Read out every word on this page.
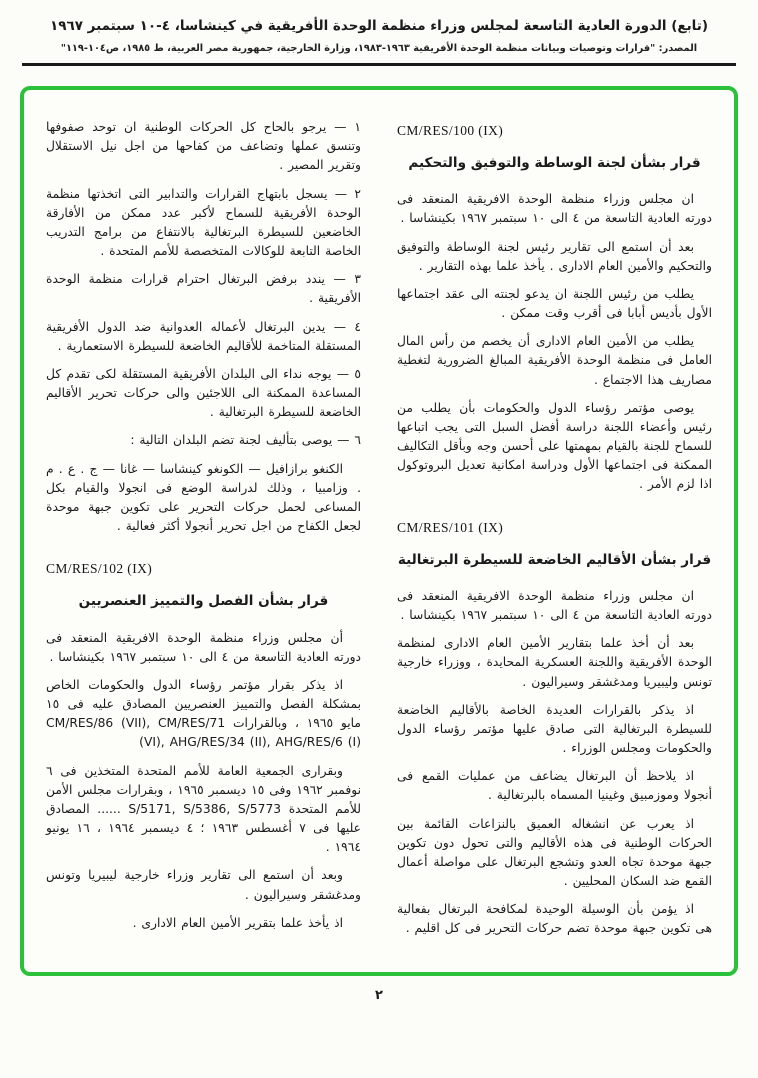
(تابع) الدورة العادية التاسعة لمجلس وزراء منظمة الوحدة الأفريقية في كينشاسا، ٤-١٠ سبتمبر ١٩٦٧
المصدر: "قرارات وتوصيات وبيانات منظمة الوحدة الأفريقية ١٩٦٣-١٩٨٣، وزارة الخارجية، جمهورية مصر العربية، ط ١٩٨٥، ص١٠٤-١١٩"
CM/RES/100 (IX)
قرار بشأن لجنة الوساطة والتوفيق والتحكيم

ان مجلس وزراء منظمة الوحدة الافريقية المنعقد فى دورته العادية التاسعة من ٤ الى ١٠ سبتمبر ١٩٦٧ بكينشاسا .

بعد أن استمع الى تقارير رئيس لجنة الوساطة والتوفيق والتحكيم والأمين العام الادارى . يأخذ علما بهذه التقارير .

يطلب من رئيس اللجنة ان يدعو لجنته الى عقد اجتماعها الأول بأديس أبابا فى أقرب وقت ممكن .

يطلب من الأمين العام الادارى أن يخصم من رأس المال العامل فى منظمة الوحدة الأفريقية المبالغ الضرورية لتغطية مصاريف هذا الاجتماع .

يوصى مؤتمر رؤساء الدول والحكومات بأن يطلب من رئيس وأعضاء اللجنة دراسة أفضل السبل التى يجب اتباعها للسماح للجنة بالقيام بمهمتها على أحسن وجه وبأقل التكاليف الممكنة فى اجتماعها الأول ودراسة امكانية تعديل البروتوكول اذا لزم الأمر .

CM/RES/101 (IX)
قرار بشأن الأقاليم الخاضعة للسيطرة البرتغالية

ان مجلس وزراء منظمة الوحدة الافريقية المنعقد فى دورته العادية التاسعة من ٤ الى ١٠ سبتمبر ١٩٦٧ بكينشاسا .

بعد أن أخذ علما بتقارير الأمين العام الادارى لمنظمة الوحدة الأفريقية واللجنة العسكرية المحايدة ، ووزراء خارجية تونس وليبيريا ومدغشقر وسيراليون .

اذ يذكر بالقرارات العديدة الخاصة بالأقاليم الخاضعة للسيطرة البرتغالية التى صادق عليها مؤتمر رؤساء الدول والحكومات ومجلس الوزراء .

اذ يلاحظ أن البرتغال يضاعف من عمليات القمع فى أنجولا وموزمبيق وغينيا المسماه بالبرتغالية .

اذ يعرب عن انشغاله العميق بالنزاعات القائمة بين الحركات الوطنية فى هذه الأقاليم والتى تحول دون تكوين جبهة موحدة تجاه العدو وتشجع البرتغال على مواصلة أعمال القمع ضد السكان المحليين .

اذ يؤمن بأن الوسيلة الوحيدة لمكافحة البرتغال بفعالية هى تكوين جبهة موحدة تضم حركات التحرير فى كل اقليم .

١ — يرجو بالحاح كل الحركات الوطنية ان توحد صفوفها وتنسق عملها وتضاعف من كفاحها من اجل نيل الاستقلال وتقرير المصير .

٢ — يسجل بابتهاج القرارات والتدابير التى اتخذتها منظمة الوحدة الأفريقية للسماح لأكبر عدد ممكن من الأفارقة الخاضعين للسيطرة البرتغالية بالانتفاع من برامج التدريب الخاصة التابعة للوكالات المتخصصة للأمم المتحدة .

٣ — يندد برفض البرتغال احترام قرارات منظمة الوحدة الأفريقية .

٤ — يدين البرتغال لأعماله العدوانية ضد الدول الأفريقية المستقلة المتاخمة للأقاليم الخاضعة للسيطرة الاستعمارية .

٥ — يوجه نداء الى البلدان الأفريقية المستقلة لكى تقدم كل المساعدة الممكنة الى اللاجئين والى حركات تحرير الأقاليم الخاضعة للسيطرة البرتغالية .

٦ — يوصى بتأليف لجنة تضم البلدان التالية :

الكنغو برازافيل — الكونغو كينشاسا — غانا — ج . ع . م . وزامبيا ، وذلك لدراسة الوضع فى انجولا والقيام بكل المساعى لحمل حركات التحرير على تكوين جبهة موحدة لجعل الكفاح من اجل تحرير أنجولا أكثر فعالية .

CM/RES/102 (IX)
قرار بشأن الفصل والتمييز العنصريين

أن مجلس وزراء منظمة الوحدة الافريقية المنعقد فى دورته العادية التاسعة من ٤ الى ١٠ سبتمبر ١٩٦٧ بكينشاسا .

اذ يذكر بقرار مؤتمر رؤساء الدول والحكومات الخاص بمشكلة الفصل والتمييز العنصريين المصادق عليه فى ١٥ مايو ١٩٦٥ ، وبالقرارات CM/RES/86 (VII), CM/RES/71 (VI), AHG/RES/34 (II), AHG/RES/6 (I)

وبقرارى الجمعية العامة للأمم المتحدة المتخذين فى ٦ نوفمبر ١٩٦٢ وفى ١٥ ديسمبر ١٩٦٥ ، وبقرارات مجلس الأمن للأمم المتحدة S/5171, S/5386, S/5773 ...... المصادق عليها فى ٧ أغسطس ١٩٦٣ ؛ ٤ ديسمبر ١٩٦٤ ، ١٦ يونيو ١٩٦٤ .

وبعد أن استمع الى تقارير وزراء خارجية ليبيريا وتونس ومدغشقر وسيراليون .

اذ يأخذ علما بتقرير الأمين العام الادارى .

٢
